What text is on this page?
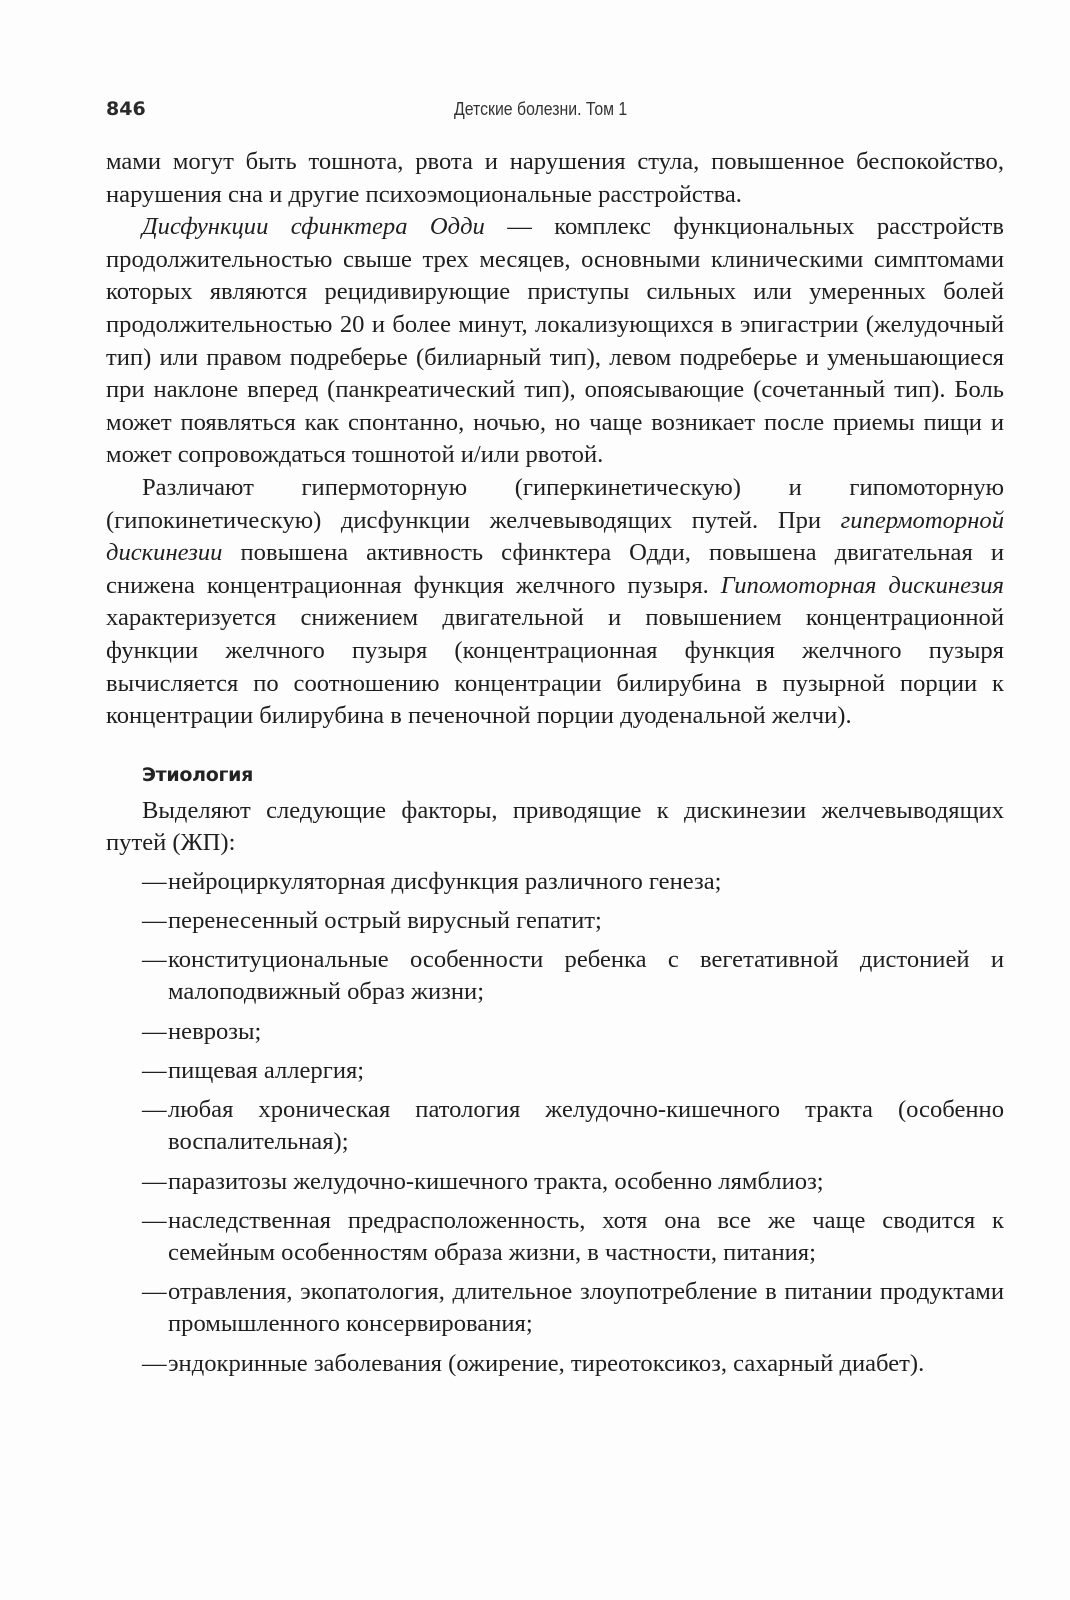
846	Детские болезни. Том 1

мами могут быть тошнота, рвота и нарушения стула, повышенное беспокойство, нарушения сна и другие психоэмоциональные расстройства.

Дисфункции сфинктера Одди — комплекс функциональных расстройств продолжительностью свыше трех месяцев, основными клиническими симптомами которых являются рецидивирующие приступы сильных или умеренных болей продолжительностью 20 и более минут, локализующихся в эпигастрии (желудочный тип) или правом подреберье (билиарный тип), левом подреберье и уменьшающиеся при наклоне вперед (панкреатический тип), опоясывающие (сочетанный тип). Боль может появляться как спонтанно, ночью, но чаще возникает после приемы пищи и может сопровождаться тошнотой и/или рвотой.

Различают гипермоторную (гиперкинетическую) и гипомоторную (гипокинетическую) дисфункции желчевыводящих путей. При гипермоторной дискинезии повышена активность сфинктера Одди, повышена двигательная и снижена концентрационная функция желчного пузыря. Гипомоторная дискинезия характеризуется снижением двигательной и повышением концентрационной функции желчного пузыря (концентрационная функция желчного пузыря вычисляется по соотношению концентрации билирубина в пузырной порции к концентрации билирубина в печеночной порции дуоденальной желчи).

Этиология

Выделяют следующие факторы, приводящие к дискинезии желчевыводящих путей (ЖП):

— нейроциркуляторная дисфункция различного генеза;
— перенесенный острый вирусный гепатит;
— конституциональные особенности ребенка с вегетативной дистонией и малоподвижный образ жизни;
— неврозы;
— пищевая аллергия;
— любая хроническая патология желудочно-кишечного тракта (особенно воспалительная);
— паразитозы желудочно-кишечного тракта, особенно лямблиоз;
— наследственная предрасположенность, хотя она все же чаще сводится к семейным особенностям образа жизни, в частности, питания;
— отравления, экопатология, длительное злоупотребление в питании продуктами промышленного консервирования;
— эндокринные заболевания (ожирение, тиреотоксикоз, сахарный диабет).
